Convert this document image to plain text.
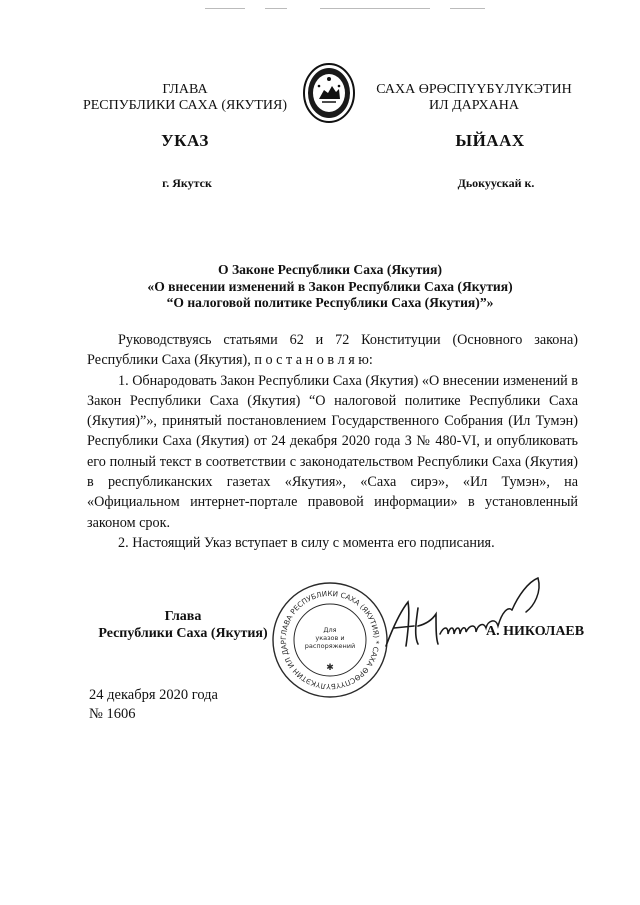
ГЛАВА
РЕСПУБЛИКИ САХА (ЯКУТИЯ)
САХА ӨРӨСПҮҮБҮЛҮКЭТИН
ИЛ ДАРХАНА
УКАЗ	ЫЙААХ
г. Якутск	Дьокуускай к.
О Законе Республики Саха (Якутия)
«О внесении изменений в Закон Республики Саха (Якутия)
“О налоговой политике Республики Саха (Якутия)”»

Руководствуясь статьями 62 и 72 Конституции (Основного закона) Республики Саха (Якутия), п о с т а н о в л я ю:

1. Обнародовать Закон Республики Саха (Якутия) «О внесении изменений в Закон Республики Саха (Якутия) “О налоговой политике Республики Саха (Якутия)”», принятый постановлением Государственного Собрания (Ил Тумэн) Республики Саха (Якутия) от 24 декабря 2020 года З № 480-VI, и опубликовать его полный текст в соответствии с законодательством Республики Саха (Якутия) в республиканских газетах «Якутия», «Саха сирэ», «Ил Тумэн», на «Официальном интернет-портале правовой информации» в установленный законом срок.

2. Настоящий Указ вступает в силу с момента его подписания.

Глава
Республики Саха (Якутия)	ГЛАВА РЕСПУБЛИКИ САХА (ЯКУТИЯ) * САХА ӨРӨСПҮҮБҮЛҮКЭТИН ИЛ ДАР
Для
указов и
распоряжений
✱
А. НИКОЛАЕВ
24 декабря 2020 года
№ 1606
